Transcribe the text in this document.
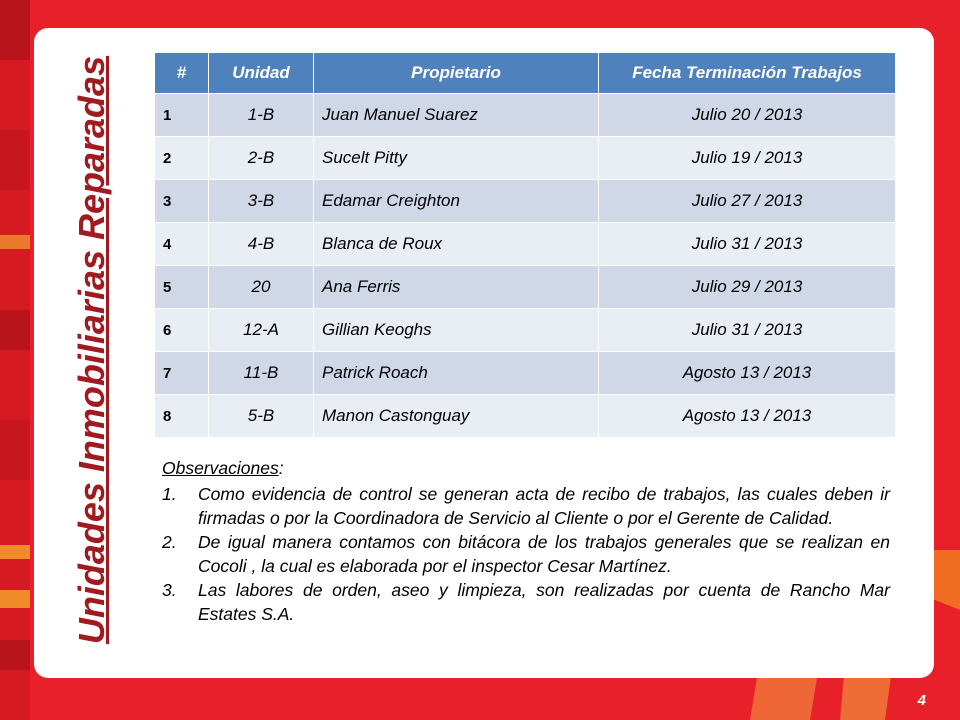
Unidades Inmobiliarias Reparadas	#	Unidad	Propietario	Fecha Terminación Trabajos
1	1-B	Juan Manuel Suarez	Julio 20 / 2013
2	2-B	Sucelt Pitty	Julio 19 / 2013
3	3-B	Edamar Creighton	Julio 27 / 2013
4	4-B	Blanca de Roux	Julio 31 / 2013
5	20	Ana Ferris	Julio 29 / 2013
6	12-A	Gillian Keoghs	Julio 31 / 2013
7	11-B	Patrick Roach	Agosto 13 / 2013
8	5-B	Manon Castonguay	Agosto 13 / 2013
Observaciones:
1. Como evidencia de control se generan acta de recibo de trabajos, las cuales deben ir firmadas o por la Coordinadora de Servicio al Cliente o por el Gerente de Calidad.
2. De igual manera contamos con bitácora de los trabajos generales que se realizan en Cocoli , la cual es elaborada por el inspector Cesar Martínez.
3. Las labores de orden, aseo y limpieza, son realizadas por cuenta de Rancho Mar Estates S.A.
4
